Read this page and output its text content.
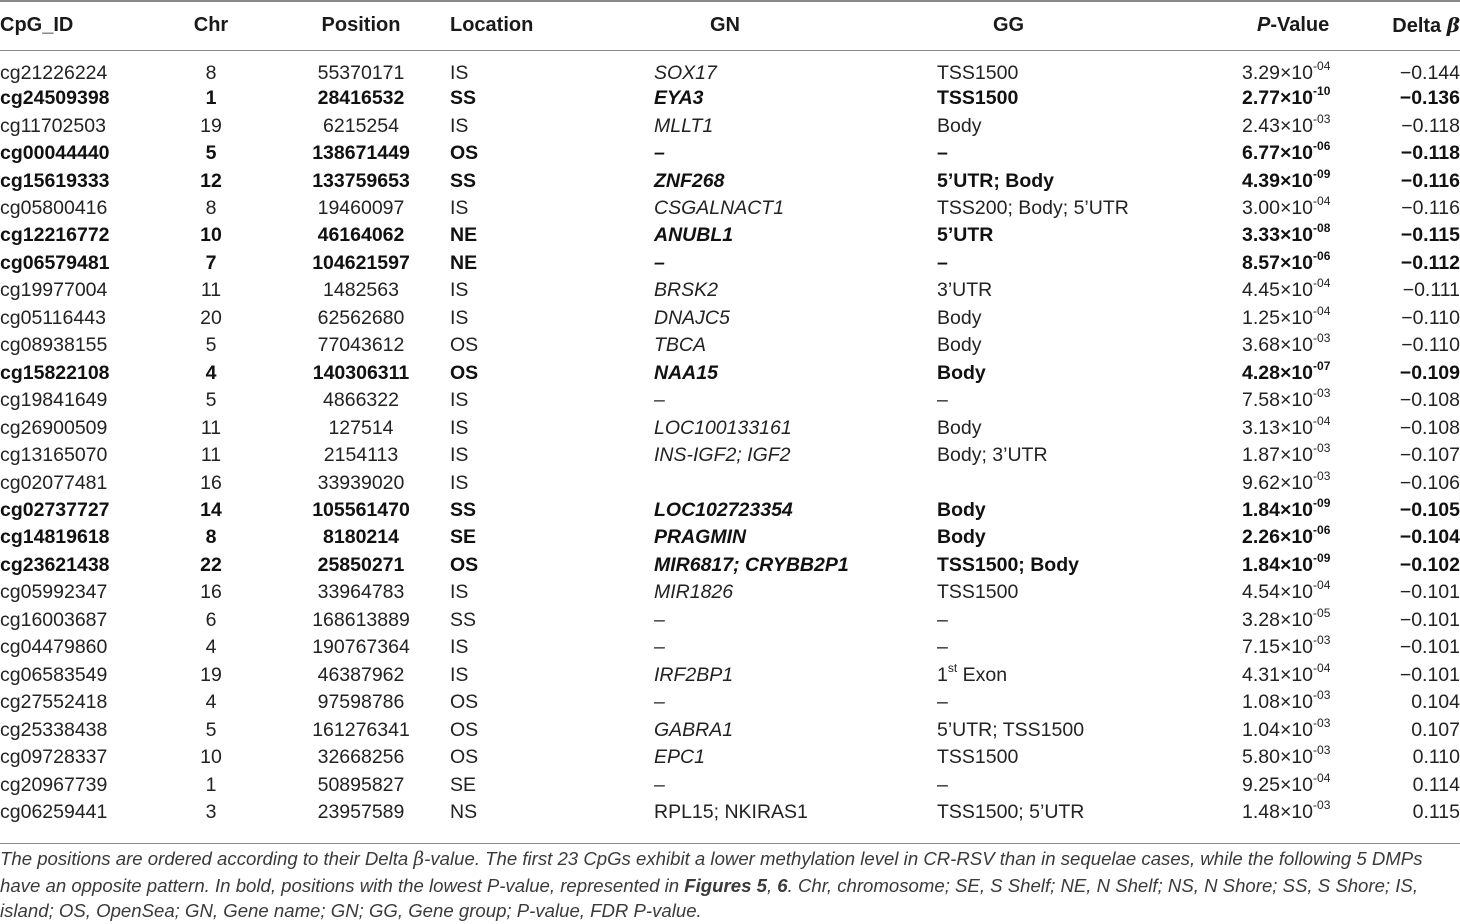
CpG_ID	Chr	Position		Location	GN	GG	P-Value	Delta β
cg21226224	8	55370171		IS	SOX17	TSS1500	$3.29\times 10^{-04}$	−0.144
cg24509398	1	28416532		SS	EYA3	TSS1500	$2.77\times 10^{-10}$	−0.136
cg11702503	19	6215254		IS	MLLT1	Body	$2.43\times 10^{-03}$	−0.118
cg00044440	5	138671449		OS	–	–	$6.77\times 10^{-06}$	−0.118
cg15619333	12	133759653		SS	ZNF268	5’UTR; Body	$4.39\times 10^{-09}$	−0.116
cg05800416	8	19460097		IS	CSGALNACT1	TSS200; Body; 5’UTR	$3.00\times 10^{-04}$	−0.116
cg12216772	10	46164062		NE	ANUBL1	5’UTR	$3.33\times 10^{-08}$	−0.115
cg06579481	7	104621597		NE	–	–	$8.57\times 10^{-06}$	−0.112
cg19977004	11	1482563		IS	BRSK2	3’UTR	$4.45\times 10^{-04}$	−0.111
cg05116443	20	62562680		IS	DNAJC5	Body	$1.25\times 10^{-04}$	−0.110
cg08938155	5	77043612		OS	TBCA	Body	$3.68\times 10^{-03}$	−0.110
cg15822108	4	140306311		OS	NAA15	Body	$4.28\times 10^{-07}$	−0.109
cg19841649	5	4866322		IS	–	–	$7.58\times 10^{-03}$	−0.108
cg26900509	11	127514		IS	LOC100133161	Body	$3.13\times 10^{-04}$	−0.108
cg13165070	11	2154113		IS	INS-IGF2; IGF2	Body; 3’UTR	$1.87\times 10^{-03}$	−0.107
cg02077481	16	33939020		IS			$9.62\times 10^{-03}$	−0.106
cg02737727	14	105561470		SS	LOC102723354	Body	$1.84\times 10^{-09}$	−0.105
cg14819618	8	8180214		SE	PRAGMIN	Body	$2.26\times 10^{-06}$	−0.104
cg23621438	22	25850271		OS	MIR6817; CRYBB2P1	TSS1500; Body	$1.84\times 10^{-09}$	−0.102
cg05992347	16	33964783		IS	MIR1826	TSS1500	$4.54\times 10^{-04}$	−0.101
cg16003687	6	168613889		SS	–	–	$3.28\times 10^{-05}$	−0.101
cg04479860	4	190767364		IS	–	–	$7.15\times 10^{-03}$	−0.101
cg06583549	19	46387962		IS	IRF2BP1	1st Exon	$4.31\times 10^{-04}$	−0.101
cg27552418	4	97598786		OS	–	–	$1.08\times 10^{-03}$	0.104
cg25338438	5	161276341		OS	GABRA1	5’UTR; TSS1500	$1.04\times 10^{-03}$	0.107
cg09728337	10	32668256		OS	EPC1	TSS1500	$5.80\times 10^{-03}$	0.110
cg20967739	1	50895827		SE	–	–	$9.25\times 10^{-04}$	0.114
cg06259441	3	23957589		NS	RPL15; NKIRAS1	TSS1500; 5’UTR	$1.48\times 10^{-03}$	0.115
The positions are ordered according to their Delta β-value. The first 23 CpGs exhibit a lower methylation level in CR-RSV than in sequelae cases, while the following 5 DMPs have an opposite pattern. In bold, positions with the lowest P-value, represented in Figures 5, 6. Chr, chromosome; SE, S Shelf; NE, N Shelf; NS, N Shore; SS, S Shore; IS, island; OS, OpenSea; GN, Gene name; GN; GG, Gene group; P-value, FDR P-value.
